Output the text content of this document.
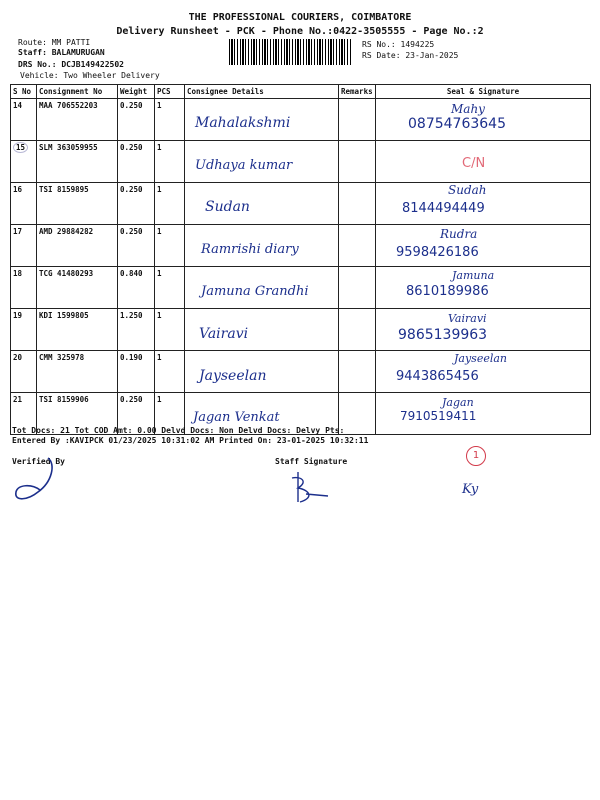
THE PROFESSIONAL COURIERS, COIMBATORE
Delivery Runsheet - PCK - Phone No.:0422-3505555 - Page No.:2
Route: MM PATTI
Staff: BALAMURUGAN
DRS No.: DCJB149422502
Vehicle: Two Wheeler Delivery
RS No.: 1494225
RS Date: 23-Jan-2025
S No	Consignment No	Weight	PCS	Consignee Details	Remarks	Seal & Signature
14	MAA 706552203	0.250	1	Mahalakshmi		Mahy
08754763645

15	SLM 363059955	0.250	1	Udhaya kumar		C/N

16	TSI 8159895	0.250	1	Sudan		Sudah
8144494449

17	AMD 29884282	0.250	1	Ramrishi diary		Rudra
9598426186

18	TCG 41480293	0.840	1	Jamuna Grandhi		Jamuna
8610189986

19	KDI 1599805	1.250	1	Vairavi		Vairavi
9865139963

20	CMM 325978	0.190	1	Jayseelan		Jayseelan
9443865456

21	TSI 8159906	0.250	1	Jagan Venkat		Jagan
7910519411
Tot Docs: 21 Tot COD Amt: 0.00 Delvd Docs: Non Delvd Docs: Delvy Pts:
Entered By :KAVIPCK 01/23/2025 10:31:02 AM Printed On: 23-01-2025 10:32:11
Verified By	Staff Signature
1
Ky
